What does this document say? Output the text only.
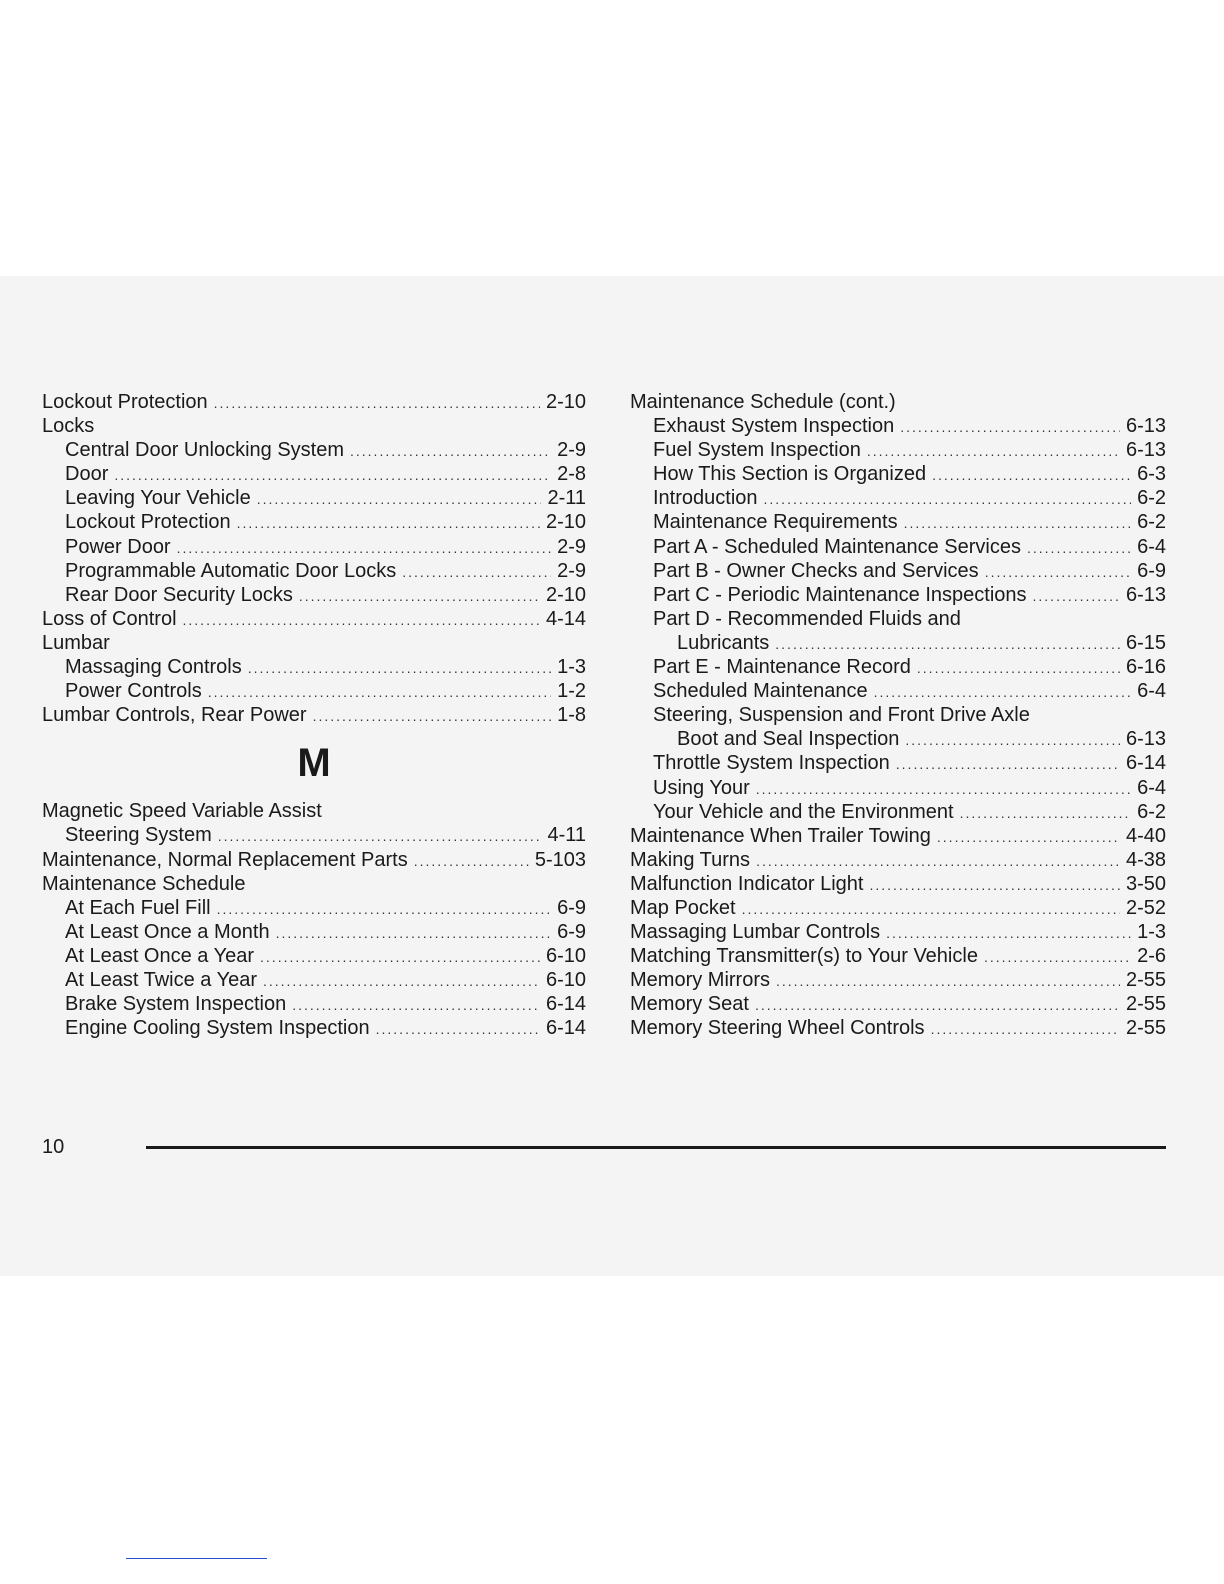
Lockout Protection .....	2-10
Locks
Central Door Unlocking System .....	2-9
Door .....	2-8
Leaving Your Vehicle .....	2-11
Lockout Protection .....	2-10
Power Door .....	2-9
Programmable Automatic Door Locks .....	2-9
Rear Door Security Locks .....	2-10
Loss of Control .....	4-14
Lumbar
Massaging Controls .....	1-3
Power Controls .....	1-2
Lumbar Controls, Rear Power .....	1-8
M
Magnetic Speed Variable Assist
Steering System .....	4-11
Maintenance, Normal Replacement Parts .....	5-103
Maintenance Schedule
At Each Fuel Fill .....	6-9
At Least Once a Month .....	6-9
At Least Once a Year .....	6-10
At Least Twice a Year .....	6-10
Brake System Inspection .....	6-14
Engine Cooling System Inspection .....	6-14
Maintenance Schedule (cont.)
Exhaust System Inspection .....	6-13
Fuel System Inspection .....	6-13
How This Section is Organized .....	6-3
Introduction .....	6-2
Maintenance Requirements .....	6-2
Part A - Scheduled Maintenance Services .....	6-4
Part B - Owner Checks and Services .....	6-9
Part C - Periodic Maintenance Inspections .....	6-13
Part D - Recommended Fluids and
Lubricants .....	6-15
Part E - Maintenance Record .....	6-16
Scheduled Maintenance .....	6-4
Steering, Suspension and Front Drive Axle
Boot and Seal Inspection .....	6-13
Throttle System Inspection .....	6-14
Using Your .....	6-4
Your Vehicle and the Environment .....	6-2
Maintenance When Trailer Towing .....	4-40
Making Turns .....	4-38
Malfunction Indicator Light .....	3-50
Map Pocket .....	2-52
Massaging Lumbar Controls .....	1-3
Matching Transmitter(s) to Your Vehicle .....	2-6
Memory Mirrors .....	2-55
Memory Seat .....	2-55
Memory Steering Wheel Controls .....	2-55
10
